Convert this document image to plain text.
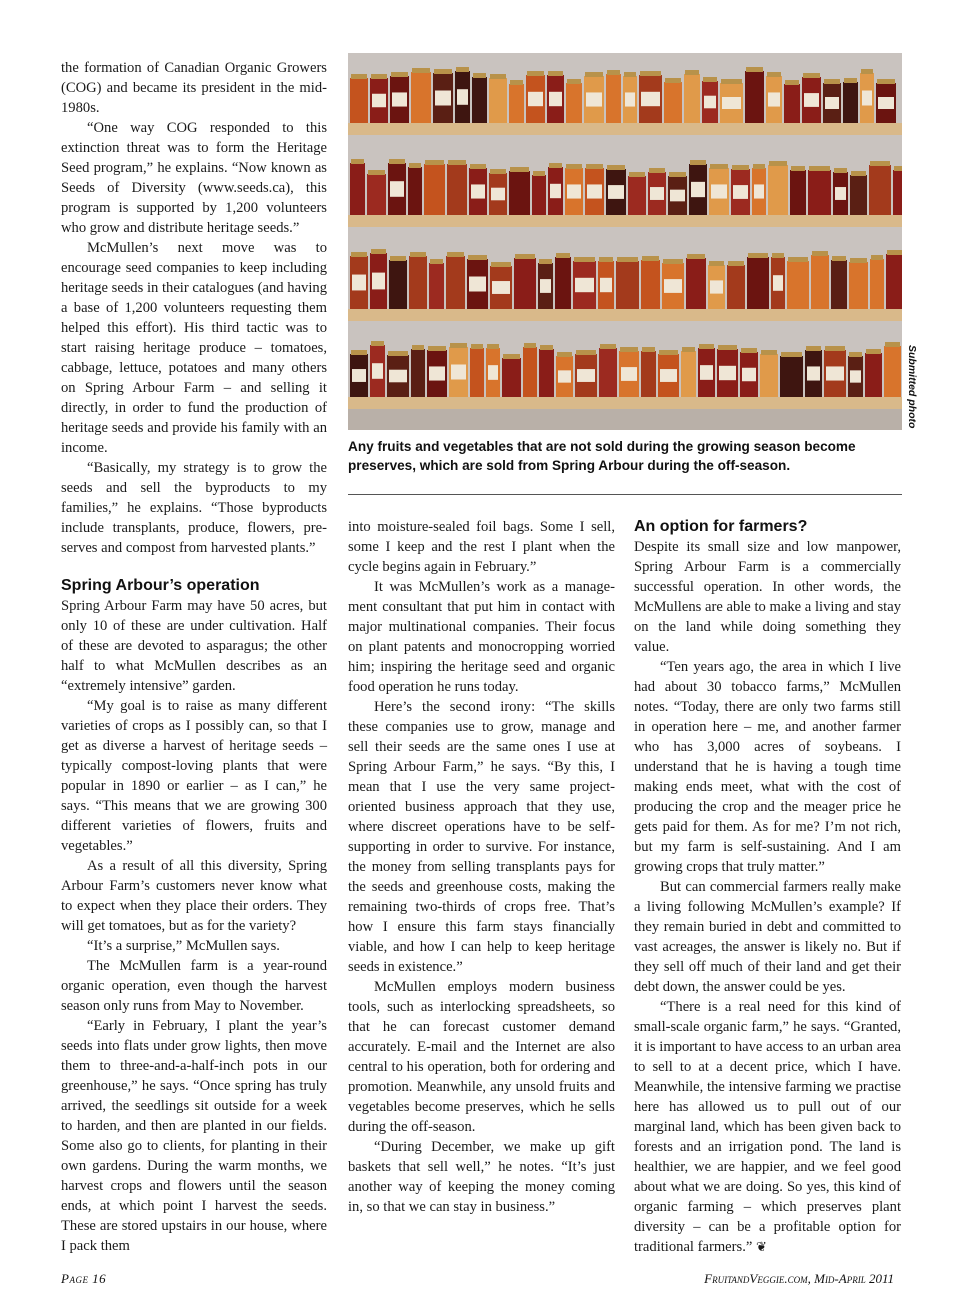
the formation of Canadian Organic Growers (COG) and became its president in the mid-1980s.

“One way COG responded to this extinction threat was to form the Heritage Seed program,” he explains. “Now known as Seeds of Diversity (www.seeds.ca), this program is supported by 1,200 volunteers who grow and distribute heritage seeds.”

McMullen’s next move was to encourage seed companies to keep including heritage seeds in their catalogues (and having a base of 1,200 volunteers requesting them helped this effort). His third tactic was to start raising heritage produce – tomatoes, cabbage, lettuce, potatoes and many others on Spring Arbour Farm – and selling it directly, in order to fund the production of heritage seeds and provide his family with an income.

“Basically, my strategy is to grow the seeds and sell the byproducts to my families,” he explains. “Those byproducts include transplants, produce, flowers, preserves and compost from harvested plants.”

Spring Arbour’s operation

Spring Arbour Farm may have 50 acres, but only 10 of these are under cultivation. Half of these are devoted to asparagus; the other half to what McMullen describes as an “extremely intensive” garden.

“My goal is to raise as many different varieties of crops as I possibly can, so that I get as diverse a harvest of heritage seeds – typically compost-loving plants that were popular in 1890 or earlier – as I can,” he says. “This means that we are growing 300 different varieties of flowers, fruits and vegetables.”

As a result of all this diversity, Spring Arbour Farm’s customers never know what to expect when they place their orders. They will get tomatoes, but as for the variety?

“It’s a surprise,” McMullen says.

The McMullen farm is a year-round organic operation, even though the harvest season only runs from May to November.

“Early in February, I plant the year’s seeds into flats under grow lights, then move them to three-and-a-half-inch pots in our greenhouse,” he says. “Once spring has truly arrived, the seedlings sit outside for a week to harden, and then are planted in our fields. Some also go to clients, for planting in their own gardens. During the warm months, we harvest crops and flowers until the season ends, at which point I harvest the seeds. These are stored upstairs in our house, where I pack them

Submitted photo
Any fruits and vegetables that are not sold during the growing season become preserves, which are sold from Spring Arbour during the off-season.

into moisture-sealed foil bags. Some I sell, some I keep and the rest I plant when the cycle begins again in February.”

It was McMullen’s work as a management consultant that put him in contact with major multinational companies. Their focus on plant patents and monocropping worried him; inspiring the heritage seed and organic food operation he runs today.

Here’s the second irony: “The skills these companies use to grow, manage and sell their seeds are the same ones I use at Spring Arbour Farm,” he says. “By this, I mean that I use the very same project-oriented business approach that they use, where discreet operations have to be self-supporting in order to survive. For instance, the money from selling transplants pays for the seeds and greenhouse costs, making the remaining two-thirds of crops free. That’s how I ensure this farm stays financially viable, and how I can help to keep heritage seeds in existence.”

McMullen employs modern business tools, such as interlocking spreadsheets, so that he can forecast customer demand accurately. E-mail and the Internet are also central to his operation, both for ordering and promotion. Meanwhile, any unsold fruits and vegetables become preserves, which he sells during the off-season.

“During December, we make up gift baskets that sell well,” he notes. “It’s just another way of keeping the money coming in, so that we can stay in business.”

An option for farmers?

Despite its small size and low manpower, Spring Arbour Farm is a commercially successful operation. In other words, the McMullens are able to make a living and stay on the land while doing something they value.

“Ten years ago, the area in which I live had about 30 tobacco farms,” McMullen notes. “Today, there are only two farms still in operation here – me, and another farmer who has 3,000 acres of soybeans. I understand that he is having a tough time making ends meet, what with the cost of producing the crop and the meager price he gets paid for them. As for me? I’m not rich, but my farm is self-sustaining. And I am growing crops that truly matter.”

But can commercial farmers really make a living following McMullen’s example? If they remain buried in debt and committed to vast acreages, the answer is likely no. But if they sell off much of their land and get their debt down, the answer could be yes.

“There is a real need for this kind of small-scale organic farm,” he says. “Granted, it is important to have access to an urban area to sell to at a decent price, which I have. Meanwhile, the intensive farming we practise here has allowed us to pull out of our marginal land, which has been given back to forests and an irrigation pond. The land is healthier, we are happier, and we feel good about what we are doing. So yes, this kind of organic farming – which preserves plant diversity – can be a profitable option for traditional farmers.” ❦

Page 16	FruitandVeggie.com, Mid-April 2011
